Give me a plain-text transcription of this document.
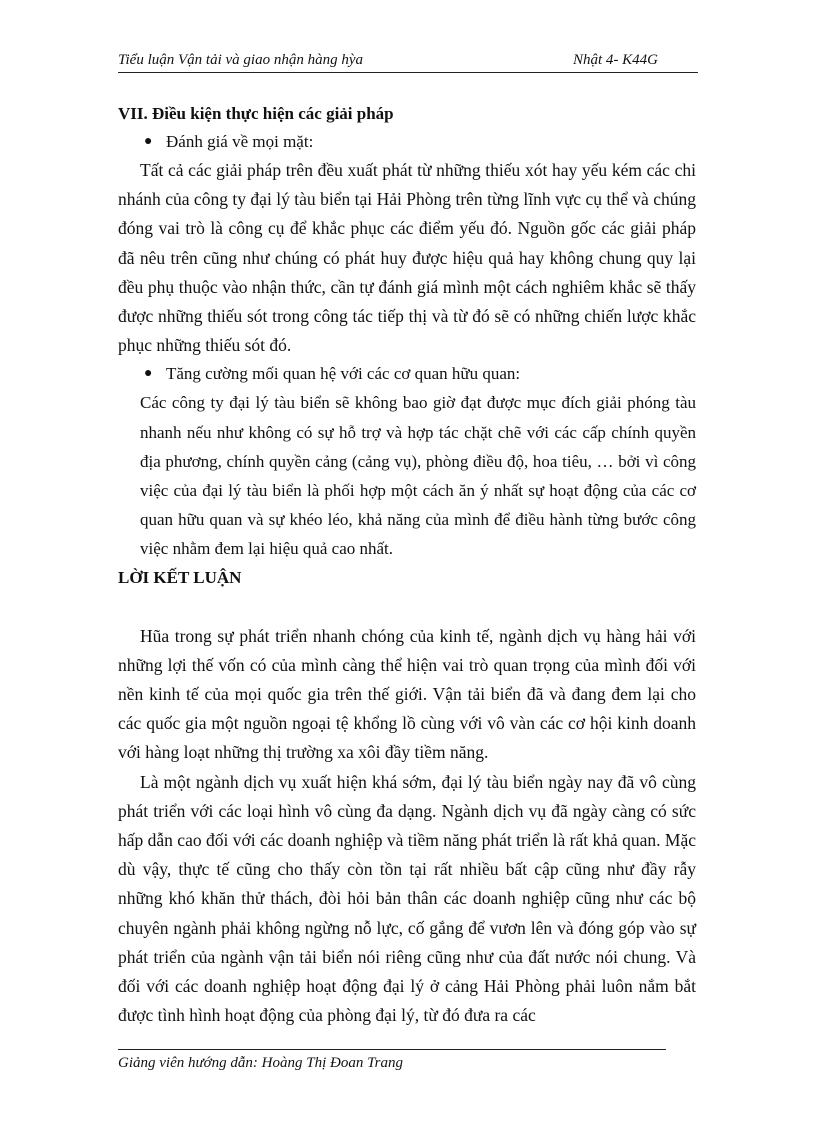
Tiểu luận Vận tải và giao nhận hàng hỳa	Nhật 4- K44G

VII. Điều kiện thực hiện các giải pháp

● Đánh giá về mọi mặt:

Tất cả các giải pháp trên đều xuất phát từ những thiếu xót hay yếu kém các chi nhánh của công ty đại lý tàu biển tại Hải Phòng trên từng lĩnh vực cụ thể và chúng đóng vai trò là công cụ để khắc phục các điểm yếu đó. Nguồn gốc các giải pháp đã nêu trên cũng như chúng có phát huy được hiệu quả hay không chung quy lại đều phụ thuộc vào nhận thức, cần tự đánh giá mình một cách nghiêm khắc sẽ thấy được những thiếu sót trong công tác tiếp thị và từ đó sẽ có những chiến lược khắc phục những thiếu sót đó.

● Tăng cường mối quan hệ với các cơ quan hữu quan:

Các công ty đại lý tàu biển sẽ không bao giờ đạt được mục đích giải phóng tàu nhanh nếu như không có sự hỗ trợ và hợp tác chặt chẽ với các cấp chính quyền địa phương, chính quyền cảng (cảng vụ), phòng điều độ, hoa tiêu, … bởi vì công việc của đại lý tàu biển là phối hợp một cách ăn ý nhất sự hoạt động của các cơ quan hữu quan và sự khéo léo, khả năng của mình để điều hành từng bước công việc nhằm đem lại hiệu quả cao nhất.

LỜI KẾT LUẬN

Hũa trong sự phát triển nhanh chóng của kinh tế, ngành dịch vụ hàng hải với những lợi thế vốn có của mình càng thể hiện vai trò quan trọng của mình đối với nền kinh tế của mọi quốc gia trên thế giới. Vận tải biển đã và đang đem lại cho các quốc gia một nguồn ngoại tệ khổng lồ cùng với vô vàn các cơ hội kinh doanh với hàng loạt những thị trường xa xôi đầy tiềm năng.

Là một ngành dịch vụ xuất hiện khá sớm, đại lý tàu biển ngày nay đã vô cùng phát triển với các loại hình vô cùng đa dạng. Ngành dịch vụ đã ngày càng có sức hấp dẫn cao đối với các doanh nghiệp và tiềm năng phát triển là rất khả quan. Mặc dù vậy, thực tế cũng cho thấy còn tồn tại rất nhiều bất cập cũng như đầy rẫy những khó khăn thử thách, đòi hỏi bản thân các doanh nghiệp cũng như các bộ chuyên ngành phải không ngừng nỗ lực, cố gắng để vươn lên và đóng góp vào sự phát triển của ngành vận tải biển nói riêng cũng như của đất nước nói chung. Và đối với các doanh nghiệp hoạt động đại lý ở cảng Hải Phòng phải luôn nắm bắt được tình hình hoạt động của phòng đại lý, từ đó đưa ra các

Giảng viên hướng dẫn: Hoàng Thị Đoan Trang
